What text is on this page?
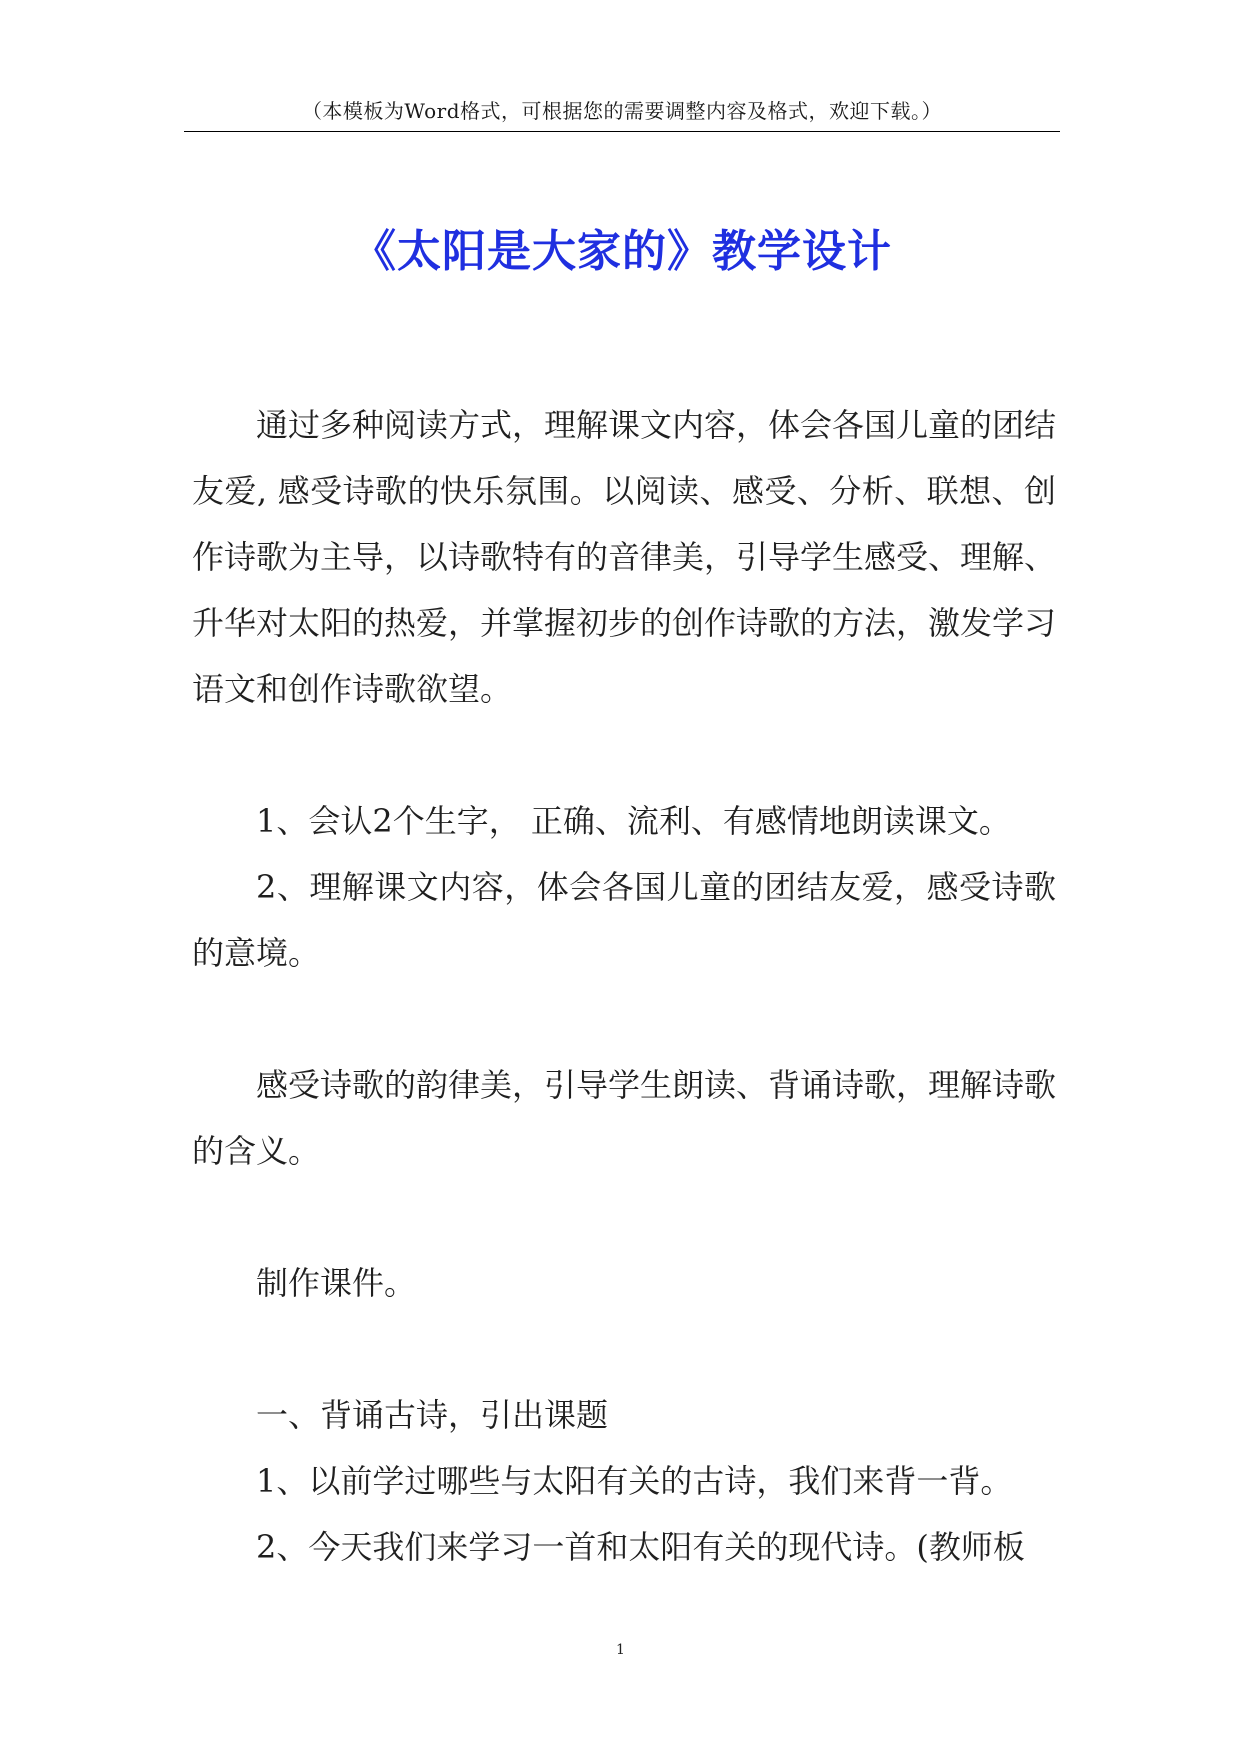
（本模板为Word格式，可根据您的需要调整内容及格式，欢迎下载。）
《太阳是大家的》教学设计

通过多种阅读方式，理解课文内容，体会各国儿童的团结友爱, 感受诗歌的快乐氛围。以阅读、感受、分析、联想、创作诗歌为主导，以诗歌特有的音律美，引导学生感受、理解、升华对太阳的热爱，并掌握初步的创作诗歌的方法，激发学习语文和创作诗歌欲望。

1、会认2个生字， 正确、流利、有感情地朗读课文。

2、理解课文内容，体会各国儿童的团结友爱，感受诗歌的意境。

感受诗歌的韵律美，引导学生朗读、背诵诗歌，理解诗歌的含义。

制作课件。

一、背诵古诗，引出课题

1、以前学过哪些与太阳有关的古诗，我们来背一背。

2、今天我们来学习一首和太阳有关的现代诗。(教师板

1
